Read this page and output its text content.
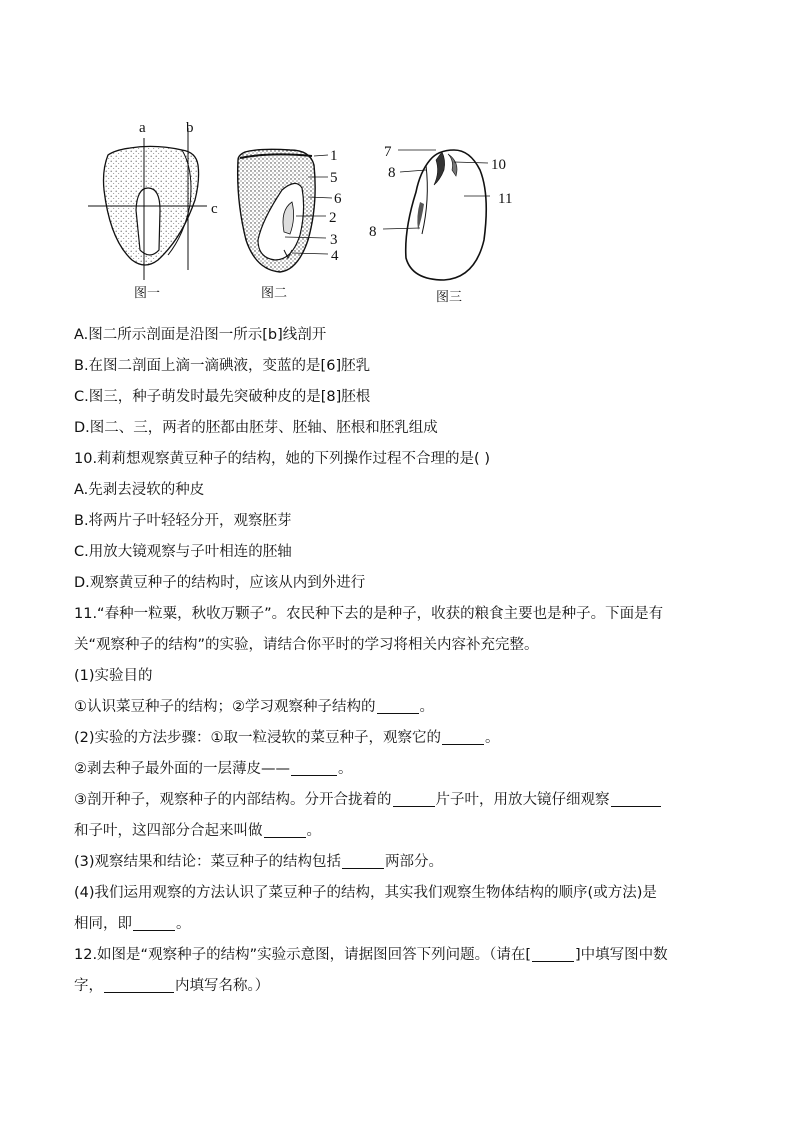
a	b
c
图一
1
5
6
2
3
4
图二
7
8	10
11
8
图三
A.图二所示剖面是沿图一所示[b]线剖开
B.在图二剖面上滴一滴碘液，变蓝的是[6]胚乳
C.图三，种子萌发时最先突破种皮的是[8]胚根
D.图二、三，两者的胚都由胚芽、胚轴、胚根和胚乳组成
10.莉莉想观察黄豆种子的结构，她的下列操作过程不合理的是( )
A.先剥去浸软的种皮
B.将两片子叶轻轻分开，观察胚芽
C.用放大镜观察与子叶相连的胚轴
D.观察黄豆种子的结构时，应该从内到外进行
11.“春种一粒粟，秋收万颗子”。农民种下去的是种子，收获的粮食主要也是种子。下面是有
关“观察种子的结构”的实验，请结合你平时的学习将相关内容补充完整。
(1)实验目的
①认识菜豆种子的结构；②学习观察种子结构的	。
(2)实验的方法步骤：①取一粒浸软的菜豆种子，观察它的	。
②剥去种子最外面的一层薄皮——	。
③剖开种子，观察种子的内部结构。分开合拢着的	片子叶，用放大镜仔细观察
和子叶，这四部分合起来叫做	。
(3)观察结果和结论：菜豆种子的结构包括	两部分。
(4)我们运用观察的方法认识了菜豆种子的结构，其实我们观察生物体结构的顺序(或方法)是
相同，即	。
12.如图是“观察种子的结构”实验示意图，请据图回答下列问题。（请在[	]中填写图中数
字，	内填写名称。）
